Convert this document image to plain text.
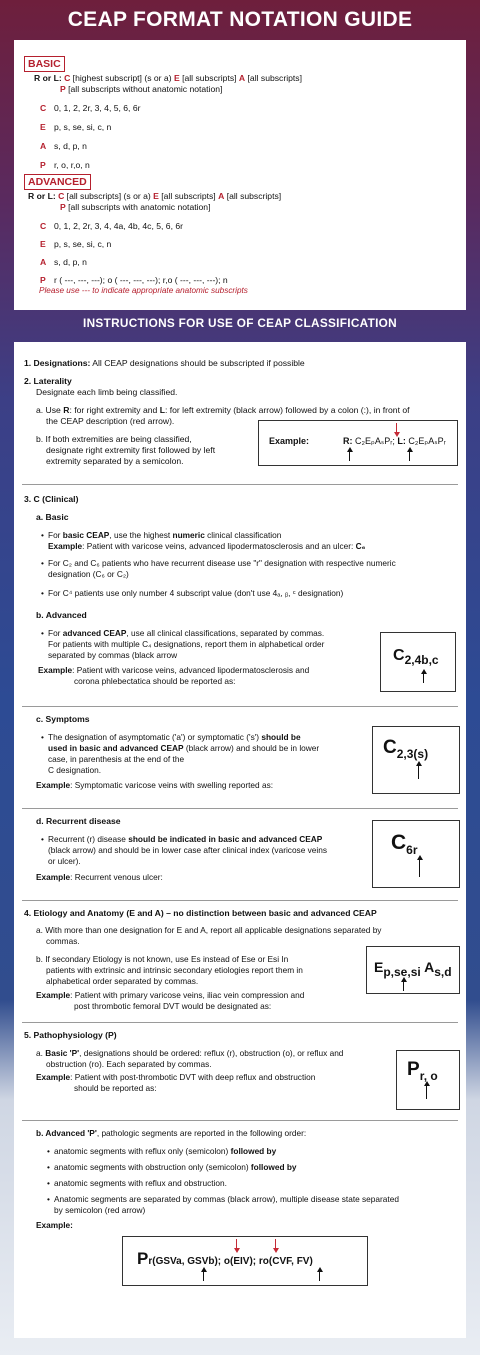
CEAP FORMAT NOTATION GUIDE
BASIC
R or L: C [highest subscript] (s or a) E [all subscripts] A [all subscripts]
P [all subscripts without anatomic notation]
C 0, 1, 2, 2r, 3, 4, 5, 6, 6r
E p, s, se, si, c, n
A s, d, p, n
P r, o, r,o, n
ADVANCED
R or L: C [all subscripts] (s or a) E [all subscripts] A [all subscripts]
P [all subscripts with anatomic notation]
C 0, 1, 2, 2r, 3, 4, 4a, 4b, 4c, 5, 6, 6r
E p, s, se, si, c, n
A s, d, p, n
P r ( ---, ---, ---); o ( ---, ---, ---); r,o ( ---, ---, ---); n
Please use --- to indicate appropriate anatomic subscripts
INSTRUCTIONS FOR USE OF CEAP CLASSIFICATION
1. Designations: All CEAP designations should be subscripted if possible
2. Laterality
Designate each limb being classified.
a. Use R: for right extremity and L: for left extremity (black arrow) followed by a colon (:), in front of
the CEAP description (red arrow).
b. If both extremities are being classified,
designate right extremity first followed by left
extremity separated by a semicolon.
Example:	R: C₂EₚAₛPᵣ; L: C₂EₚAₛPᵣ
3. C (Clinical)
a. Basic
• For basic CEAP, use the highest numeric clinical classification
Example: Patient with varicose veins, advanced lipodermatosclerosis and an ulcer: C₆
• For C₂ and C₆ patients who have recurrent disease use "r" designation with respective numeric
designation (C₆ or C₂)
• For C⁴ patients use only number 4 subscript value (don't use 4ₐ, ᵦ, ᶜ designation)
b. Advanced
• For advanced CEAP, use all clinical classifications, separated by commas.
For patients with multiple C₄ designations, report them in alphabetical order
separated by commas (black arrow
Example: Patient with varicose veins, advanced lipodermatosclerosis and
corona phlebectatica should be reported as:
$C_{2,4b,c}$
c. Symptoms
• The designation of asymptomatic ('a') or symptomatic ('s') should be
used in basic and advanced CEAP (black arrow) and should be in lower
case, in parenthesis at the end of the
C designation.
Example: Symptomatic varicose veins with swelling reported as:
$C_{2,3(s)}$
d. Recurrent disease
• Recurrent (r) disease should be indicated in basic and advanced CEAP
(black arrow) and should be in lower case after clinical index (varicose veins
or ulcer).
Example: Recurrent venous ulcer:
$C_{6r}$
4. Etiology and Anatomy (E and A) – no distinction between basic and advanced CEAP
a. With more than one designation for E and A, report all applicable designations separated by
commas.
b. If secondary Etiology is not known, use Es instead of Ese or Esi In
patients with extrinsic and intrinsic secondary etiologies report them in
alphabetical order separated by commas.
Example: Patient with primary varicose veins, iliac vein compression and
post thrombotic femoral DVT would be designated as:
$E_{p,se,si}$ $A_{s,d}$
5. Pathophysiology (P)
a. Basic 'P', designations should be ordered: reflux (r), obstruction (o), or reflux and
obstruction (ro). Each separated by commas.
Example: Patient with post-thrombotic DVT with deep reflux and obstruction
should be reported as:
$P_{r, o}$
b. Advanced 'P', pathologic segments are reported in the following order:
• anatomic segments with reflux only (semicolon) followed by
• anatomic segments with obstruction only (semicolon) followed by
• anatomic segments with reflux and obstruction.
• Anatomic segments are separated by commas (black arrow), multiple disease state separated
by semicolon (red arrow)
Example:
Pr(GSVa, GSVb); o(EIV); ro(CVF, FV)
